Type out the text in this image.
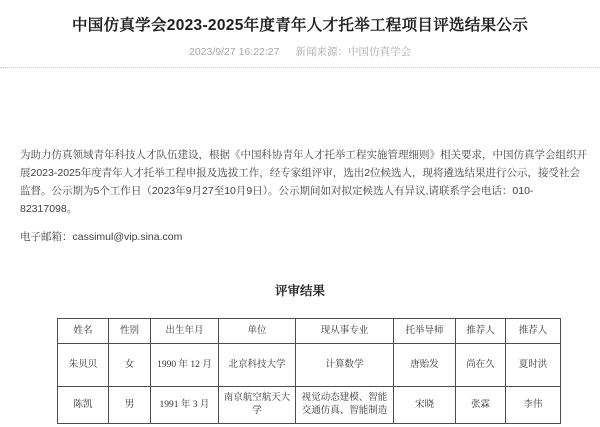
中国仿真学会2023-2025年度青年人才托举工程项目评选结果公示
2023/9/27 16:22:27 新闻来源：中国仿真学会

为助力仿真领域青年科技人才队伍建设，根据《中国科协青年人才托举工程实施管理细则》相关要求，中国仿真学会组织开展2023-2025年度青年人才托举工程申报及选拔工作，经专家组评审，选出2位候选人，现将遴选结果进行公示，接受社会监督。公示期为5个工作日（2023年9月27至10月9日）。公示期间如对拟定候选人有异议,请联系学会电话：010-82317098。

电子邮箱：cassimul@vip.sina.com

评审结果
姓名	性别	出生年月	单位	现从事专业	托举导师	推荐人	推荐人
朱贝贝	女	1990 年 12 月	北京科技大学	计算数学	唐贻发	尚在久	夏时洪
陈凯	男	1991 年 3 月	南京航空航天大学	视觉动态建模、智能交通仿真、智能制造	宋晓	张霖	李伟
